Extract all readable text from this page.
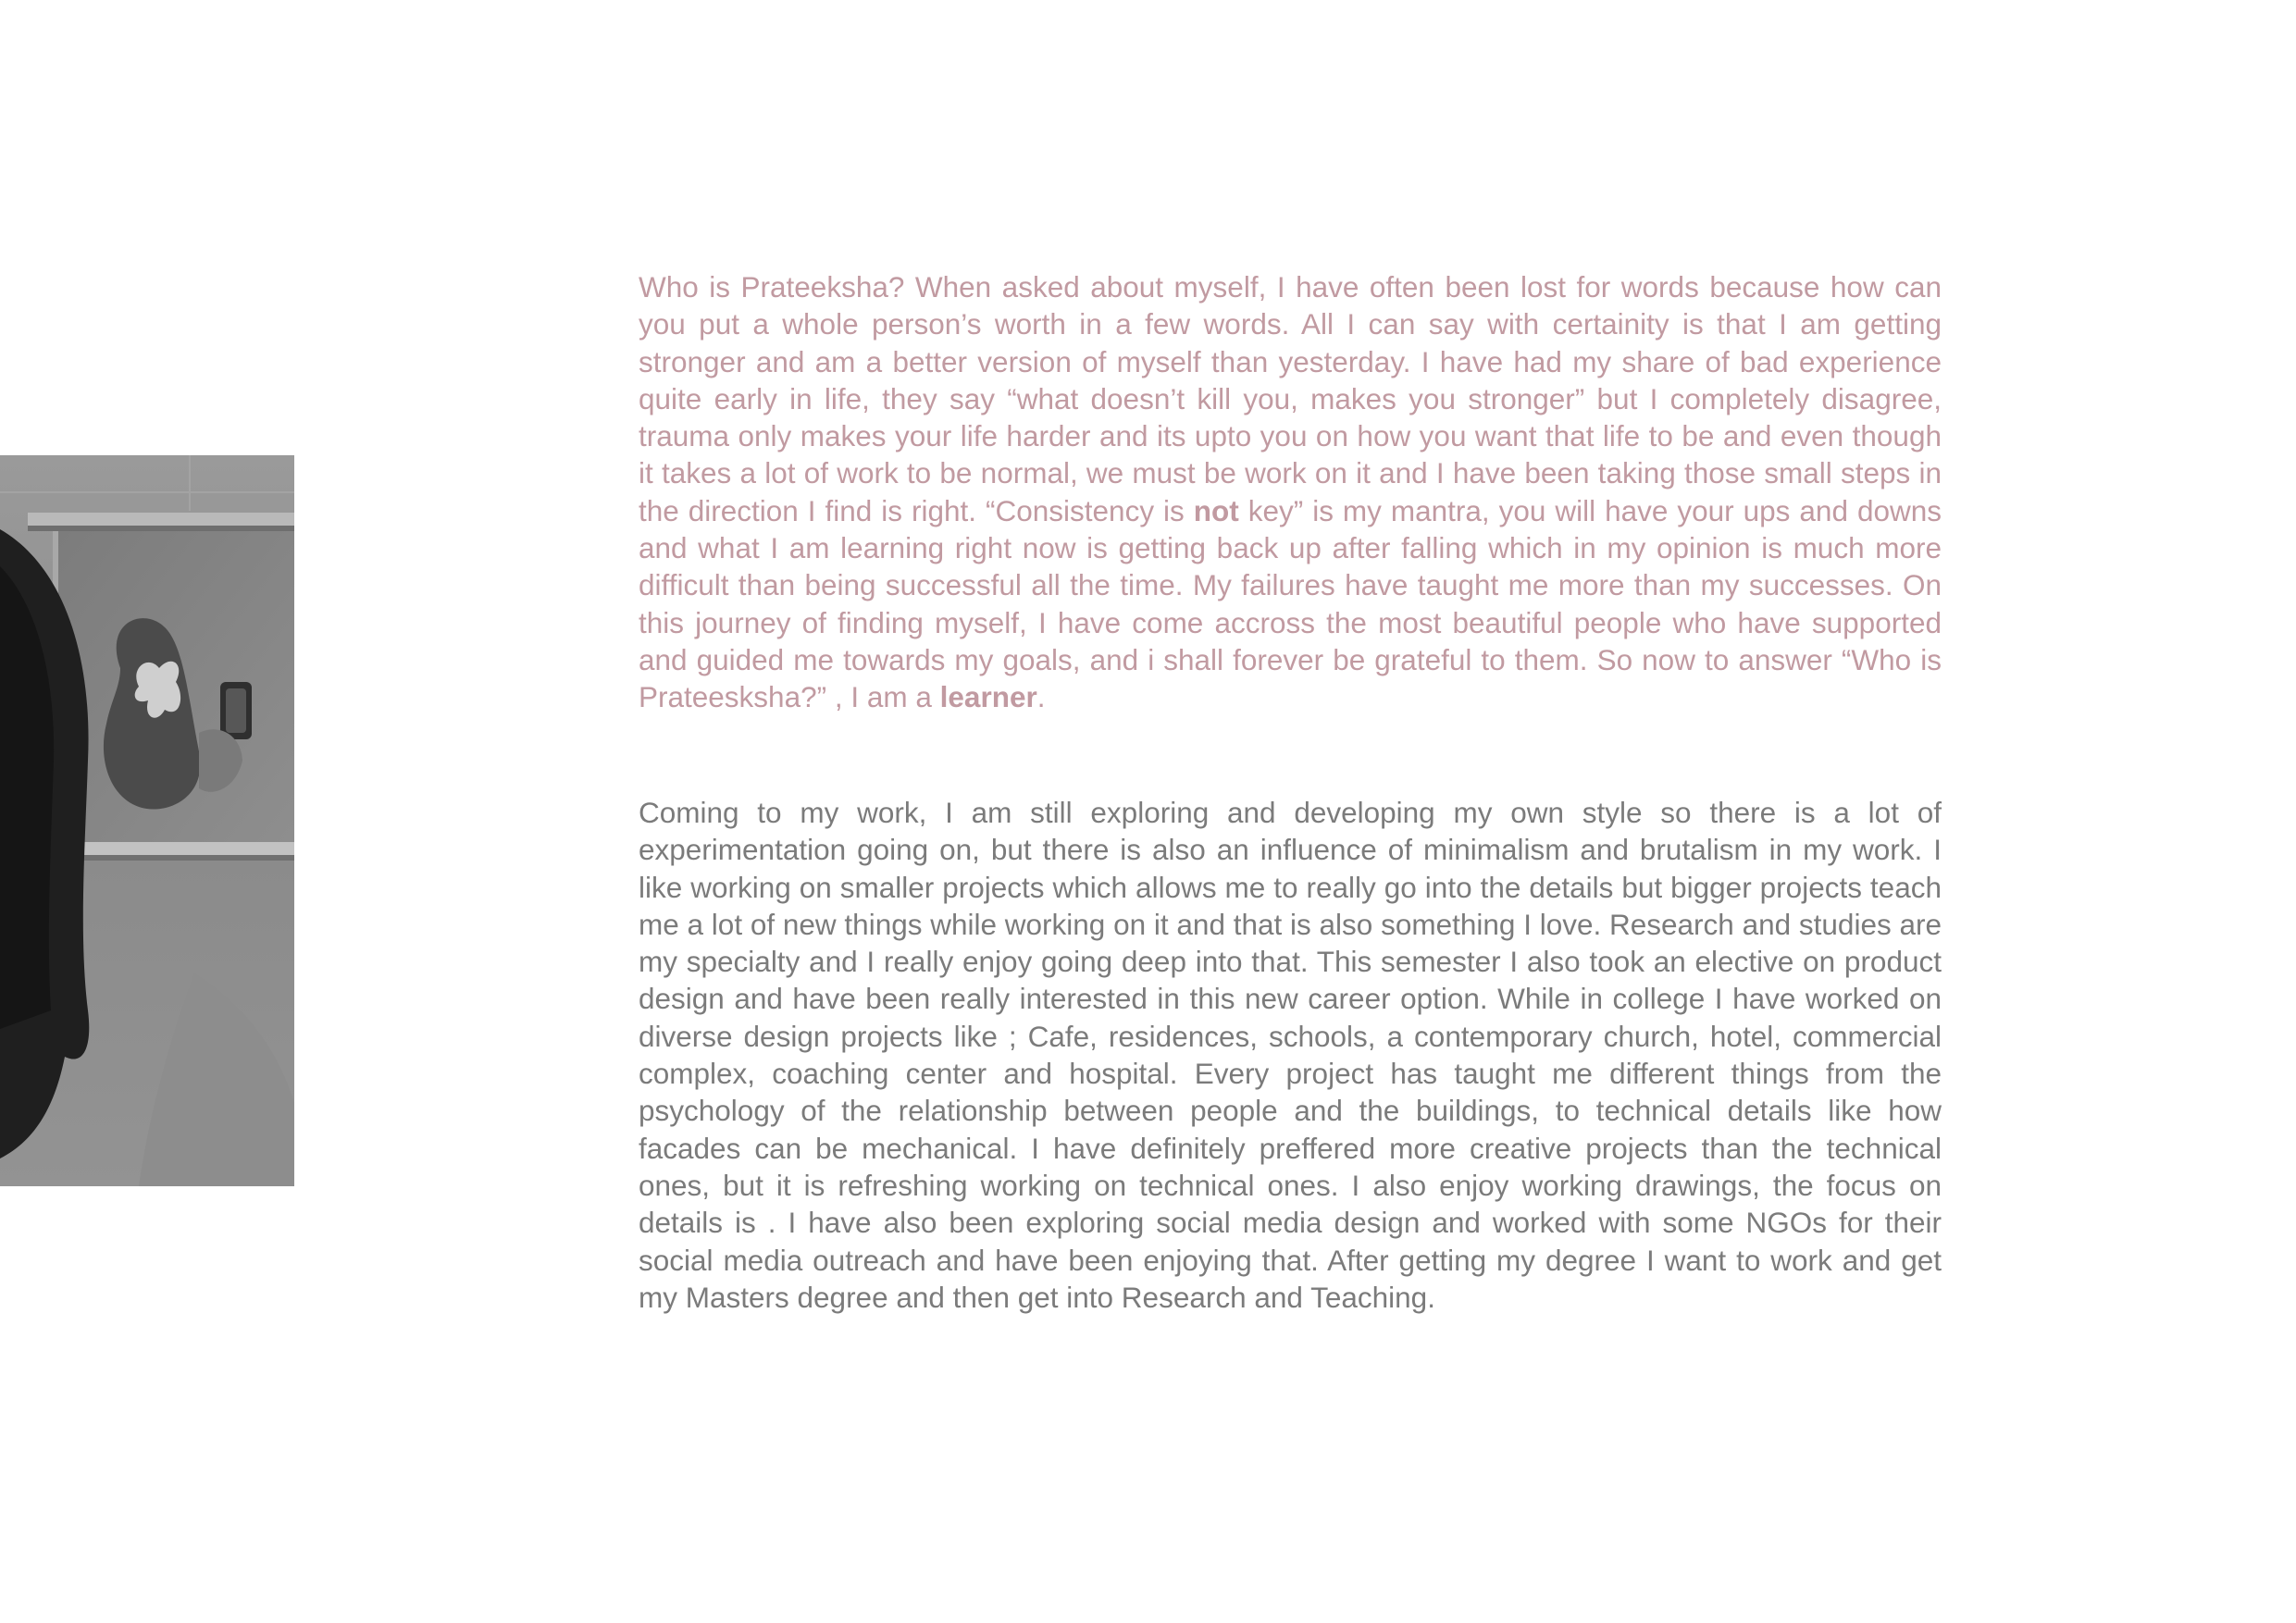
Who is Prateeksha? When asked about myself, I have often been lost for words because how can you put a whole person’s worth in a few words. All I can say with certainity is that I am getting stronger and am a better version of myself than yesterday. I have had my share of bad experience quite early in life, they say “what doesn’t kill you, makes you stronger” but I completely disagree, trauma only makes your life harder and its upto you on how you want that life to be and even though it takes a lot of work to be normal, we must be work on it and I have been taking those small steps in the direction I find is right. “Consistency is not key” is my mantra, you will have your ups and downs and what I am learning right now is getting back up after falling which in my opinion is much more difficult than being successful all the time. My failures have taught me more than my successes. On this journey of finding myself, I have come accross the most beautiful people who have supported and guided me towards my goals, and i shall forever be grateful to them. So now to answer “Who is Prateesksha?” , I am a learner.

Coming to my work, I am still exploring and developing my own style so there is a lot of experimentation going on, but there is also an influence of minimalism and brutalism in my work. I like working on smaller projects which allows me to really go into the details but bigger projects teach me a lot of new things while working on it and that is also something I love. Research and studies are my specialty and I really enjoy going deep into that. This semester I also took an elective on product design and have been really interested in this new career option. While in college I have worked on diverse design projects like ; Cafe, residences, schools, a contemporary church, hotel, commercial complex, coaching center and hospital. Every project has taught me different things from the psychology of the relationship between people and the buildings, to technical details like how facades can be mechanical. I have definitely preffered more creative projects than the technical ones, but it is refreshing working on technical ones. I also enjoy working drawings, the focus on details is . I have also been exploring social media design and worked with some NGOs for their social media outreach and have been enjoying that. After getting my degree I want to work and get my Masters degree and then get into Research and Teaching.
